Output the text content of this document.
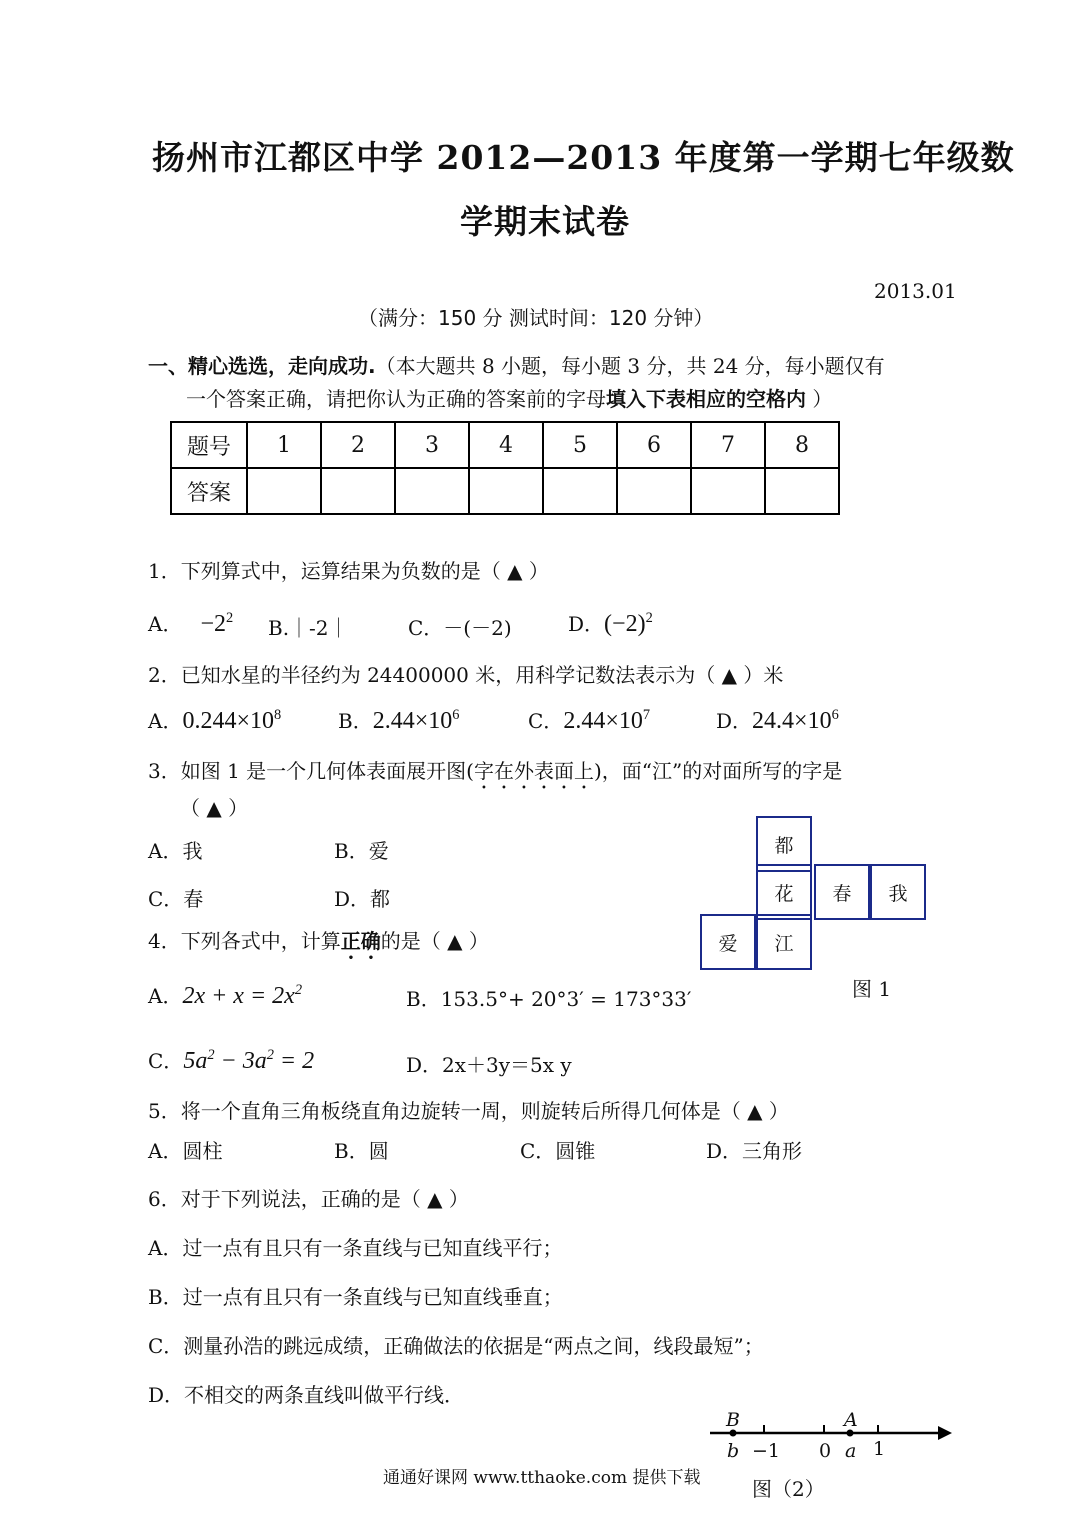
扬州市江都区中学 2012—2013 年度第一学期七年级数
学期末试卷
2013.01
（满分：150 分 测试时间：120 分钟）
一、精心选选，走向成功.（本大题共 8 小题，每小题 3 分，共 24 分，每小题仅有
一个答案正确，请把你认为正确的答案前的字母填入下表相应的空格内 ）
题号	1	2	3	4	5	6	7	8
答案								
1．下列算式中，运算结果为负数的是（ ▲ ）
A． $-2^2$ B.｜-2｜	C．－(－2)	D．$(-2)^2$
2．已知水星的半径约为 24400000 米，用科学记数法表示为（ ▲ ）米
A．$0.244\times 10^8$	B．$2.44\times 10^6$	C．$2.44\times 10^7$	D．$24.4\times 10^6$
3．如图 1 是一个几何体表面展开图(字在外表面上)，面“江”的对面所写的字是
（ ▲ ）
A．我	B．爱
C．春	D．都
都
花	春	我
爱	江
图 1
4．下列各式中，计算正确的是（ ▲ ）
A．$2x + x = 2x^2$	B．153.5°+ 20°3′ = 173°33′
C．$5a^2 - 3a^2 = 2$	D．2x＋3y＝5x y
5．将一个直角三角板绕直角边旋转一周，则旋转后所得几何体是（ ▲ ）
A．圆柱	B．圆	C．圆锥	D．三角形
6．对于下列说法，正确的是（ ▲ ）
A．过一点有且只有一条直线与已知直线平行；
B．过一点有且只有一条直线与已知直线垂直；
C．测量孙浩的跳远成绩，正确做法的依据是“两点之间，线段最短”；
D．不相交的两条直线叫做平行线．
B
b −1 0
A
a 1
图（2）
通通好课网 www.tthaoke.com 提供下载
